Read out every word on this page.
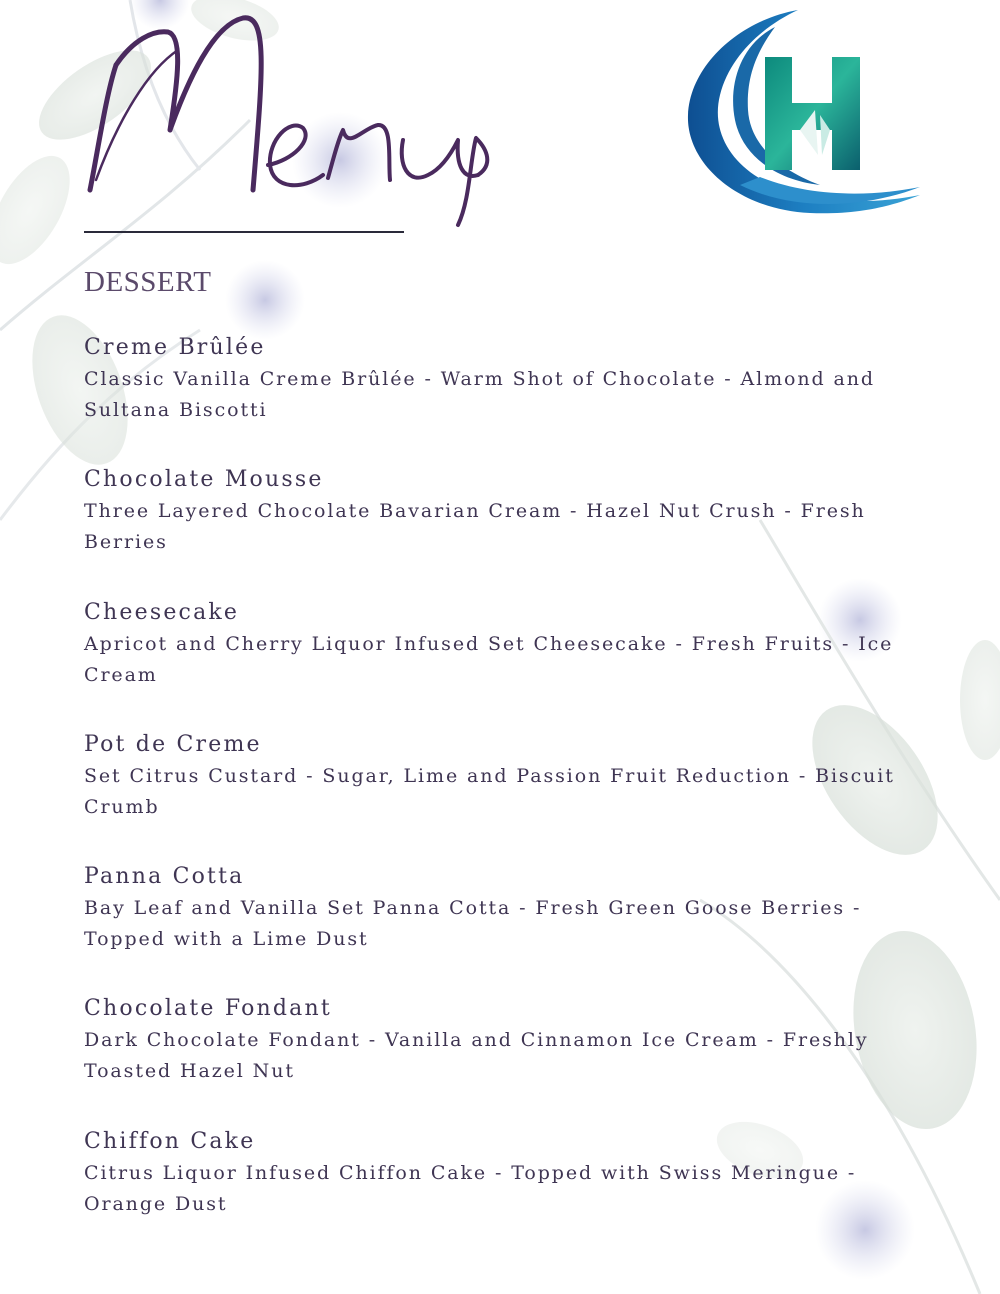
DESSERT
Creme Brûlée
Classic Vanilla Creme Brûlée - Warm Shot of Chocolate - Almond and Sultana Biscotti
Chocolate Mousse
Three Layered Chocolate Bavarian Cream - Hazel Nut Crush - Fresh Berries
Cheesecake
Apricot and Cherry Liquor Infused Set Cheesecake - Fresh Fruits - Ice Cream
Pot de Creme
Set Citrus Custard - Sugar, Lime and Passion Fruit Reduction - Biscuit Crumb
Panna Cotta
Bay Leaf and Vanilla Set Panna Cotta - Fresh Green Goose Berries - Topped with a Lime Dust
Chocolate Fondant
Dark Chocolate Fondant - Vanilla and Cinnamon Ice Cream - Freshly Toasted Hazel Nut
Chiffon Cake
Citrus Liquor Infused Chiffon Cake - Topped with Swiss Meringue - Orange Dust
